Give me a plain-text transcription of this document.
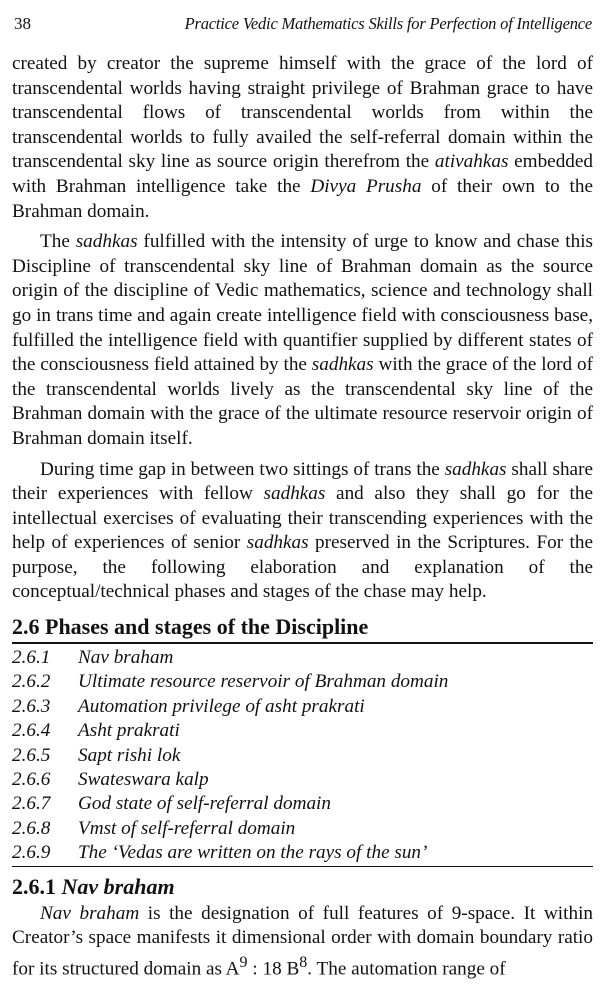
38	Practice Vedic Mathematics Skills for Perfection of Intelligence

created by creator the supreme himself with the grace of the lord of transcendental worlds having straight privilege of Brahman grace to have transcendental flows of transcendental worlds from within the transcendental worlds to fully availed the self-referral domain within the transcendental sky line as source origin therefrom the ativahkas embedded with Brahman intelligence take the Divya Prusha of their own to the Brahman domain.

The sadhkas fulfilled with the intensity of urge to know and chase this Discipline of transcendental sky line of Brahman domain as the source origin of the discipline of Vedic mathematics, science and technology shall go in trans time and again create intelligence field with consciousness base, fulfilled the intelligence field with quantifier supplied by different states of the consciousness field attained by the sadhkas with the grace of the lord of the transcendental worlds lively as the transcendental sky line of the Brahman domain with the grace of the ultimate resource reservoir origin of Brahman domain itself.

During time gap in between two sittings of trans the sadhkas shall share their experiences with fellow sadhkas and also they shall go for the intellectual exercises of evaluating their transcending experiences with the help of experiences of senior sadhkas preserved in the Scriptures. For the purpose, the following elaboration and explanation of the conceptual/technical phases and stages of the chase may help.

2.6 Phases and stages of the Discipline
2.6.1	Nav braham
2.6.2	Ultimate resource reservoir of Brahman domain
2.6.3	Automation privilege of asht prakrati
2.6.4	Asht prakrati
2.6.5	Sapt rishi lok
2.6.6	Swateswara kalp
2.6.7	God state of self-referral domain
2.6.8	Vmst of self-referral domain
2.6.9	The ‘Vedas are written on the rays of the sun’
2.6.1 Nav braham

Nav braham is the designation of full features of 9-space. It within Creator’s space manifests it dimensional order with domain boundary ratio for its structured domain as $A^9$ : 18 $B^8$. The automation range of
